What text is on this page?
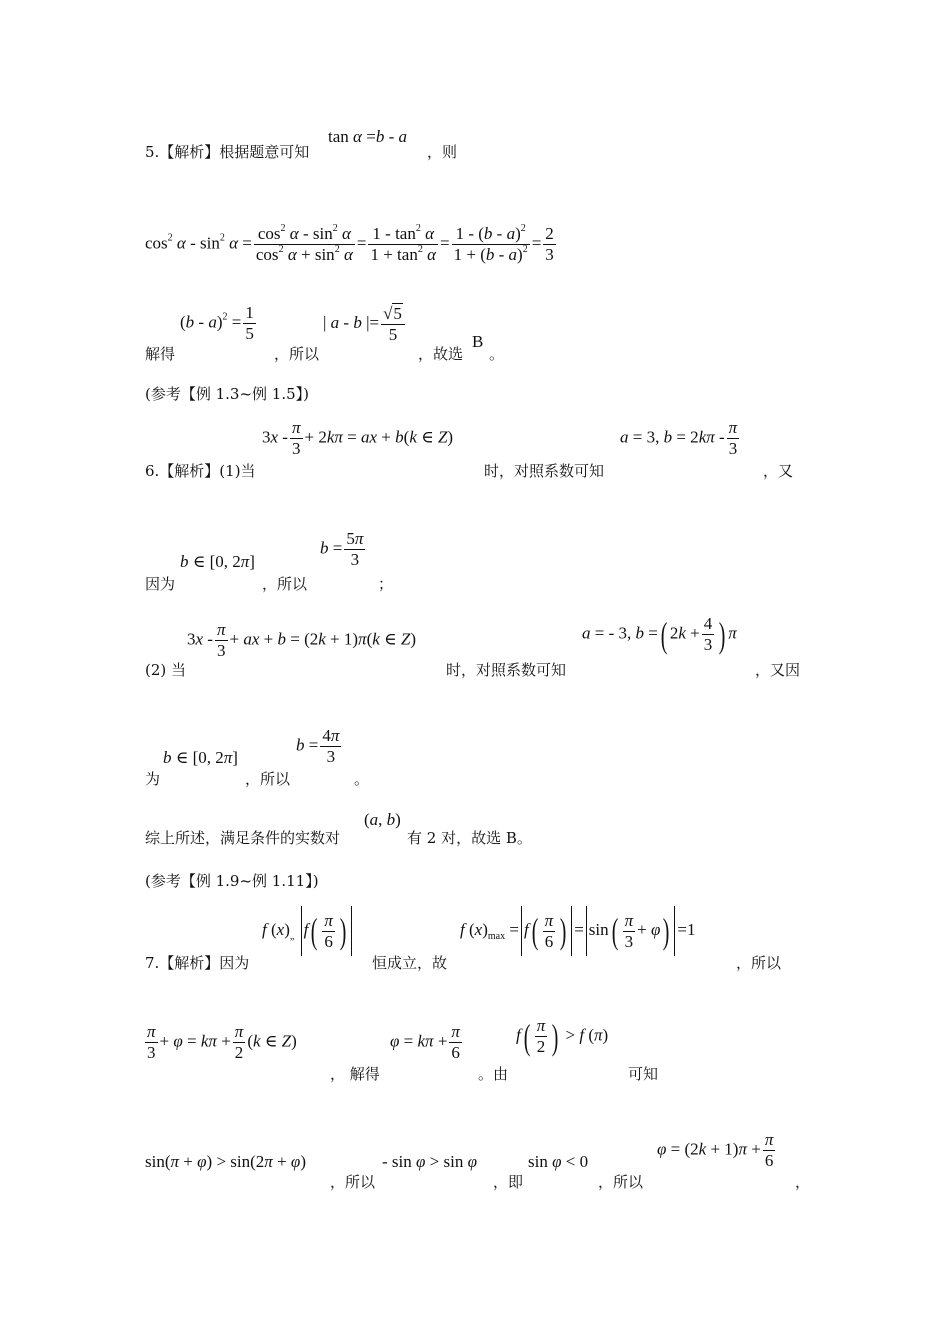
5.【解析】根据题意可知
tan α =b - a
，则
$\cos^2 \alpha - \sin^2 \alpha = \frac{\cos^2 \alpha - \sin^2 \alpha}{\cos^2 \alpha + \sin^2 \alpha} = \frac{1 - \tan^2 \alpha}{1 + \tan^2 \alpha} = \frac{1 - (b - a)^2}{1 + (b - a)^2} = \frac{2}{3}$
解得
$(b - a)^2 = \frac{1}{5}$
，所以
| a - b |= $\frac{√5}{5}$
，故选
B
。
(参考【例 1.3~例 1.5】)
6.【解析】(1)当
$3x - \frac{\pi}{3} + 2k\pi$ = ax + b(k ∈ Z)
时，对照系数可知
a = 3, $b = 2k\pi - \frac{\pi}{3}$
，又
因为
b ∈ [0, 2π]
，所以
$b = \frac{5\pi}{3}$
；
(2) 当
$3x - \frac{\pi}{3}$ + ax + b = (2k + 1)π(k ∈ Z)
时，对照系数可知
a = - 3, b =( $2k + \frac{4}{3}$ ) π
，又因
为
b ∈ [0, 2π]
，所以
$b = \frac{4\pi}{3}$
。
综上所述，满足条件的实数对
(a, b)
有 2 对，故选 B。
(参考【例 1.9~例 1.11】)
7.【解析】因为
f $(x)_„$ $f( \frac{\pi}{6}$ )
恒成立，故
f $(x)_{max} = f( \frac{\pi}{6}$ ) = $\sin( \frac{\pi}{3} + \varphi) =1$
，所以
$\frac{\pi}{3} + \varphi = k\pi + \frac{\pi}{2} (k$ ∈ Z)
， 解得
$\varphi = k\pi + \frac{\pi}{6}$
。由
$f( \frac{\pi}{2}$ ) > f (π)
可知
sin(π + φ) > sin(2π + φ)
，所以
- sin φ > sin φ
，即
sin φ < 0
，所以
$\varphi = (2k + 1)\pi + \frac{\pi}{6}$
，
